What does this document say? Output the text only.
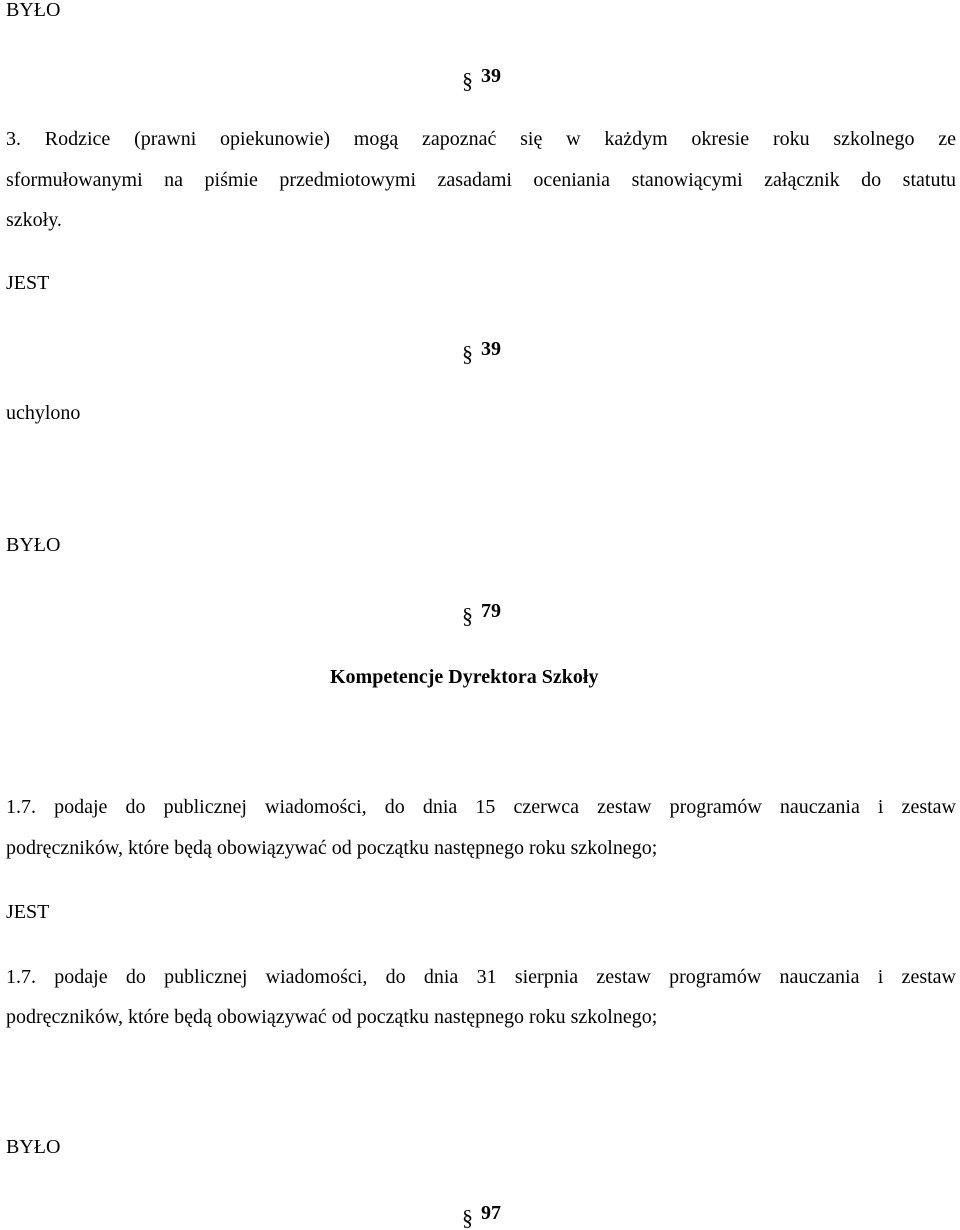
BYŁO
§ 39
3. Rodzice (prawni opiekunowie) mogą zapoznać się w każdym okresie roku szkolnego ze
sformułowanymi na piśmie przedmiotowymi zasadami oceniania stanowiącymi załącznik do statutu
szkoły.
JEST
§ 39
uchylono
BYŁO
§ 79
Kompetencje Dyrektora Szkoły
1.7. podaje do publicznej wiadomości, do dnia 15 czerwca zestaw programów nauczania i zestaw
podręczników, które będą obowiązywać od początku następnego roku szkolnego;
JEST
1.7. podaje do publicznej wiadomości, do dnia 31 sierpnia zestaw programów nauczania i zestaw
podręczników, które będą obowiązywać od początku następnego roku szkolnego;
BYŁO
§ 97
